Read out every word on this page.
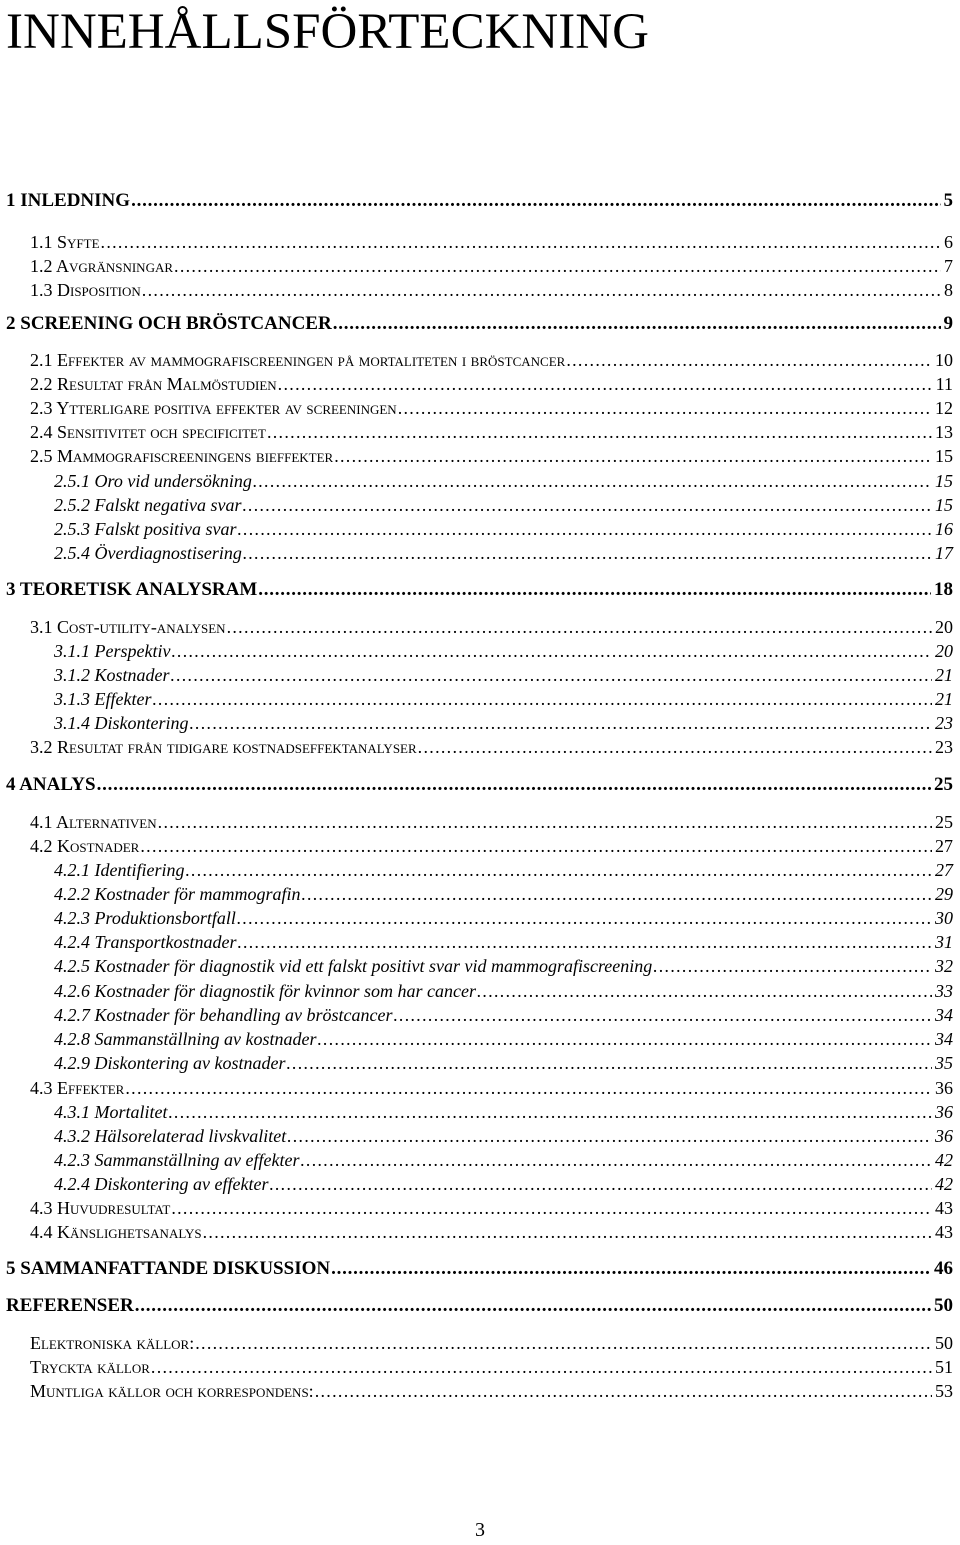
INNEHÅLLSFÖRTECKNING
1 INLEDNING . . .	5
1.1 Syfte . . .	6
1.2 Avgränsningar . . .	7
1.3 Disposition . . .	8
2 SCREENING OCH BRÖSTCANCER . . .	9
2.1 Effekter av mammografiscreeningen på mortaliteten i bröstcancer . . .	10
2.2 Resultat från Malmöstudien . . .	11
2.3 Ytterligare positiva effekter av screeningen . . .	12
2.4 Sensitivitet och specificitet . . .	13
2.5 Mammografiscreeningens bieffekter . . .	15
2.5.1 Oro vid undersökning . . .	15
2.5.2 Falskt negativa svar . . .	15
2.5.3 Falskt positiva svar . . .	16
2.5.4 Överdiagnostisering . . .	17
3 TEORETISK ANALYSRAM . . .	18
3.1 Cost-utility-analysen . . .	20
3.1.1 Perspektiv . . .	20
3.1.2 Kostnader . . .	21
3.1.3 Effekter . . .	21
3.1.4 Diskontering . . .	23
3.2 Resultat från tidigare kostnadseffektanalyser . . .	23
4 ANALYS . . .	25
4.1 Alternativen . . .	25
4.2 Kostnader . . .	27
4.2.1 Identifiering . . .	27
4.2.2 Kostnader för mammografin . . .	29
4.2.3 Produktionsbortfall . . .	30
4.2.4 Transportkostnader . . .	31
4.2.5 Kostnader för diagnostik vid ett falskt positivt svar vid mammografiscreening . . .	32
4.2.6 Kostnader för diagnostik för kvinnor som har cancer . . .	33
4.2.7 Kostnader för behandling av bröstcancer . . .	34
4.2.8 Sammanställning av kostnader . . .	34
4.2.9 Diskontering av kostnader . . .	35
4.3 Effekter . . .	36
4.3.1 Mortalitet . . .	36
4.3.2 Hälsorelaterad livskvalitet . . .	36
4.2.3 Sammanställning av effekter . . .	42
4.2.4 Diskontering av effekter . . .	42
4.3 Huvudresultat . . .	43
4.4 Känslighetsanalys . . .	43
5 SAMMANFATTANDE DISKUSSION . . .	46
REFERENSER . . .	50
Elektroniska källor: . . .	50
Tryckta källor . . .	51
Muntliga källor och korrespondens: . . .	53
3
